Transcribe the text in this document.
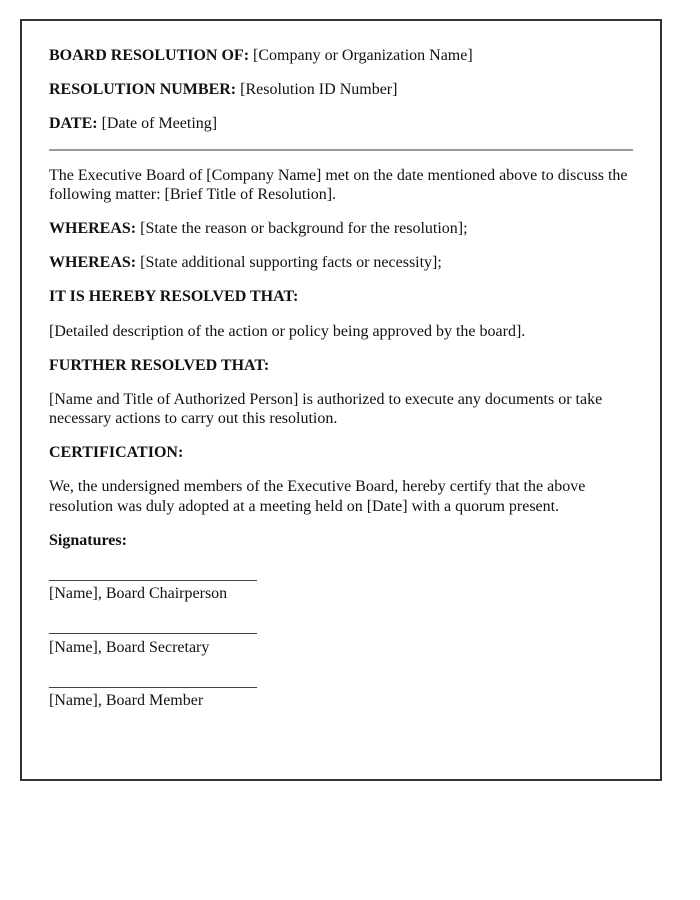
BOARD RESOLUTION OF: [Company or Organization Name]

RESOLUTION NUMBER: [Resolution ID Number]

DATE: [Date of Meeting]

The Executive Board of [Company Name] met on the date mentioned above to discuss the following matter: [Brief Title of Resolution].

WHEREAS: [State the reason or background for the resolution];

WHEREAS: [State additional supporting facts or necessity];

IT IS HEREBY RESOLVED THAT:

[Detailed description of the action or policy being approved by the board].

FURTHER RESOLVED THAT:

[Name and Title of Authorized Person] is authorized to execute any documents or take necessary actions to carry out this resolution.

CERTIFICATION:

We, the undersigned members of the Executive Board, hereby certify that the above resolution was duly adopted at a meeting held on [Date] with a quorum present.

Signatures:

__________________________
[Name], Board Chairperson

__________________________
[Name], Board Secretary

__________________________
[Name], Board Member
